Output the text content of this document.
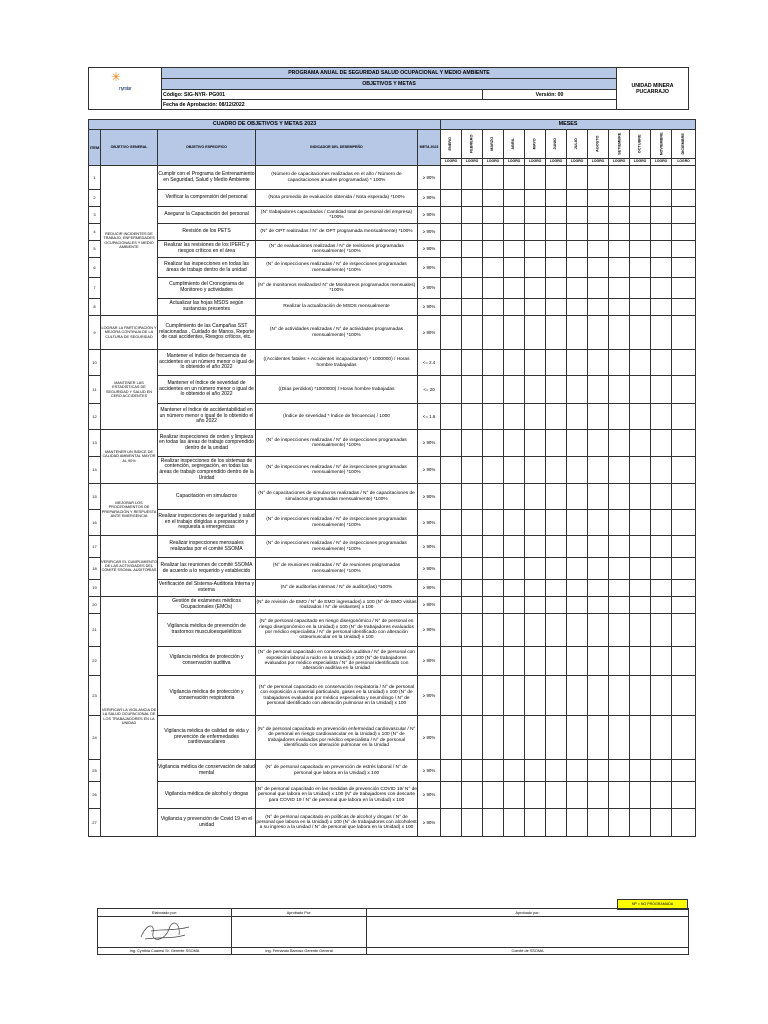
✳
nyrstar	PROGRAMA ANUAL DE SEGURIDAD SALUD OCUPACIONAL Y MEDIO AMBIENTE		UNIDAD MINERA PUCARRAJO
	OBJETIVOS Y METAS		
	Código: SIG-NYR- PG001	Versión: 00	
	Fecha de Aprobación: 08/12/2022		
CUADRO DE OBJETIVOS Y METAS 2023					MESES											
ITEM	OBJETIVO GENERAL	OBJETIVO ESPECIFICO	INDICADOR DEL DESEMPEÑO	META 2023	ENERO	FEBRERO	MARZO	ABRIL	MAYO	JUNIO	JULIO	AGOSTO	SETIEMBRE	OCTUBRE	NOVIEMBRE	DICIEMBRE
					LOGRO	LOGRO	LOGRO	LOGRO	LOGRO	LOGRO	LOGRO	LOGRO	LOGRO	LOGRO	LOGRO	LOGRO
1	REDUCIR INCIDENTES DE TRABAJO, ENFERMEDADES OCUPACIONALES Y MEDIO AMBIENTE	Cumplir con el Programa de Entrenamiento en Seguridad, Salud y Medio Ambiente	(Número de capacitaciones realizadas en el año / Número de capacitaciones anuales programadas) * 100%	≥ 90%												
2		Verificar la comprensión del personal	(Nota promedio de evaluación obtenida / Nota esperada) *100%	≥ 90%												
3		Asegurar la Capacitación del personal	(N° trabajadores capacitados / Cantidad total de personal del empresa) *100%	≥ 90%												
4		Revisión de los PETS	(N° de OPT realizadas / N° de OPT programada mensualmente) *100%	≥ 90%												
5		Realizar las revisiones de los IPERC y riesgos críticos en el área	(N° de evaluaciones realizadas / N° de revisiones programadas mensualmente) *100%	≥ 90%												
6		Realizar las inspecciones en todas las áreas de trabajo dentro de la unidad	(N° de inspecciones realizadas / N° de inspecciones programadas mensualmente) *100%	≥ 90%												
7		Cumplimiento del Cronograma de Monitoreo y actividades	(N° de monitoreos realizados/ N° de Monitoreos programados mensuales) *100%	≥ 90%												
8		Actualizar las hojas MSDS según sustancias presentes	Realizar la actualización de MSDS mensualmente	≥ 90%												
9	LOGRAR LA PARTICIPACIÓN Y MEJORA CONTINUA DE LA CULTURA DE SEGURIDAD	Cumplimiento de las Campañas SST relacionadas . Cuidado de Manos, Reporte de casi accidentes, Riesgos críticos, etc.	(N° de actividades realizadas / N° de actividades programadas mensualmente) *100%	≥ 90%												
10	MANTENER LAS ESTADÍSTICAS DE SEGURIDAD Y SALUD EN CERO ACCIDENTES	Mantener el índice de frecuencia de accidentes en un número menor o igual de lo obtenido el año 2022	((Accidentes fatales + Accidentes incapacitantes) * 1000000) / Horas hombre trabajadas	<= 2.4												
11		Mantener el índice de severidad de accidentes en un número menor o igual de lo obtenido el año 2022	((Días perdidos) *1000000) / Horas hombre trabajadas	<= 20												
12		Mantener el índice de accidentabilidad en un número menor o igual de lo obtenido el año 2022	(Índice de severidad * Índice de frecuencia) / 1000	<= 1.6												
13	MANTENER UN ÍNDICE DE CALIDAD AMBIENTAL MAYOR AL 90%	Realizar inspecciones de orden y limpieza en todas las áreas de trabajo comprendido dentro de la unidad	(N° de inspecciones realizadas / N° de inspecciones programadas mensualmente) *100%	≥ 90%												
14		Realizar inspecciones de los sistemas de contención, segregación, en todas las áreas de trabajo comprendido dentro de la Unidad	(N° de inspecciones realizadas / N° de inspecciones programadas mensualmente) *100%	≥ 90%												
15	MEJORAR LOS PROCEDIMIENTOS DE PREPARACIÓN Y RESPUESTA ANTE EMERGENCIA	Capacitación en simulacros	(N° de capacitaciones de simulacros realizadas / N° de capacitaciones de simulacros programadas mensualmente) *100%	≥ 90%												
16		Realizar inspecciones de seguridad y salud en el trabajo dirigidas a preparación y respuesta a emergencias	(N° de inspecciones realizadas / N° de inspecciones programadas mensualmente) *100%	≥ 90%												
17	VERIFICAR EL CUMPLIMIENTO DE LAS ACTIVIDADES DEL COMITÉ SSOMA- AUDITORÍAS	Realizar inspecciones mensuales realizadas por el comité SSOMA	(N° de inspecciones realizadas / N° de inspecciones programadas mensualmente) *100%	≥ 90%												
18		Realizar las reuniones de comité SSOMA de acuerdo a lo requerido y establecido	(N° de reuniones realizadas / N° de reuniones programadas mensualmente) *100%	≥ 90%												
19		Verificación del Sistema-Auditoria Interna y externa	(N° de auditorías internas / N° de auditor(ías) *100%	≥ 90%												
20	VERIFICAR LA VIGILANCIA DE LA SALUD OCUPACIONAL DE LOS TRABAJADORES EN LA UNIDAD	Gestión de exámenes médicos Ocupacionales (EMOs)	(N° de revisión de EMO / N° de EMO ingresados) x 100 (N° de EMO visitas realizados / N° de visitantes) x 100	≥ 90%												
21		Vigilancia médica de prevención de trastornos musculoesqueléticos	(N° de personal capacitado en riesgo disergonómico / N° de personal en riesgo disergonómico en la Unidad) x 100 (N° de trabajadores evaluados por médico especialista / N° de personal identificado con alteración osteomuscular en la Unidad) x 100	≥ 90%												
22		Vigilancia médica de protección y conservación auditiva	(N° de personal capacitado en conservación auditiva / N° de personal con exposición laboral a ruido en la Unidad) x 100 (N° de trabajadores evaluados por médico especialista / N° de personal identificado con alteración auditiva en la Unidad	≥ 90%												
23		Vigilancia médica de protección y conservación respiratoria	(N° de personal capacitado en conservación respiratoria / N° de personal con exposición a material particulado, gases en la Unidad) x 100 (N° de trabajadores evaluados por médico especialista y neumólogo / N° de personal identificado con alteración pulmonar en la Unidad) x 100	≥ 90%												
24		Vigilancia médica de calidad de vida y prevención de enfermedades cardiovasculares	(N° de personal capacitado en prevención enfermedad cardiovascular / N° de personal en riesgo cardiovascular en la Unidad) x 100 (N° de trabajadores evaluados por médico especialista / N° de personal identificado con alteración pulmonar en la Unidad	≥ 90%												
25		Vigilancia médica de conservación de salud mental	(N° de personal capacitado en prevención de estrés laboral / N° de personal que labora en la Unidad) x 100	≥ 90%												
26		Vigilancia médica de alcohol y drogas	(N° de personal capacitado en las medidas de prevención COVID 19/ N° de personal que labora en la Unidad) x 100 (N° de trabajadores con descarte para COVID 19 / N° de personal que labora en la Unidad) x 100	≥ 90%												
27		Vigilancia y prevención de Covid 19 en el unidad	(N° de personal capacitado en políticas de alcohol y drogas / N° de personal que labora en la Unidad) x 100 (N° de trabajadores con alcoholest a su ingreso a la unidad / N° de personal que labora en la Unidad) x 100	≥ 90%												
NP = NO PROGRAMADA
Elaborado por:	Aprobado Por:	Aprobado por:

Ing. Cynthia Cuaresi Sr. Gerente SSOMA	Ing. Fernando Barroso Gerente General	Comité de SSOMA
